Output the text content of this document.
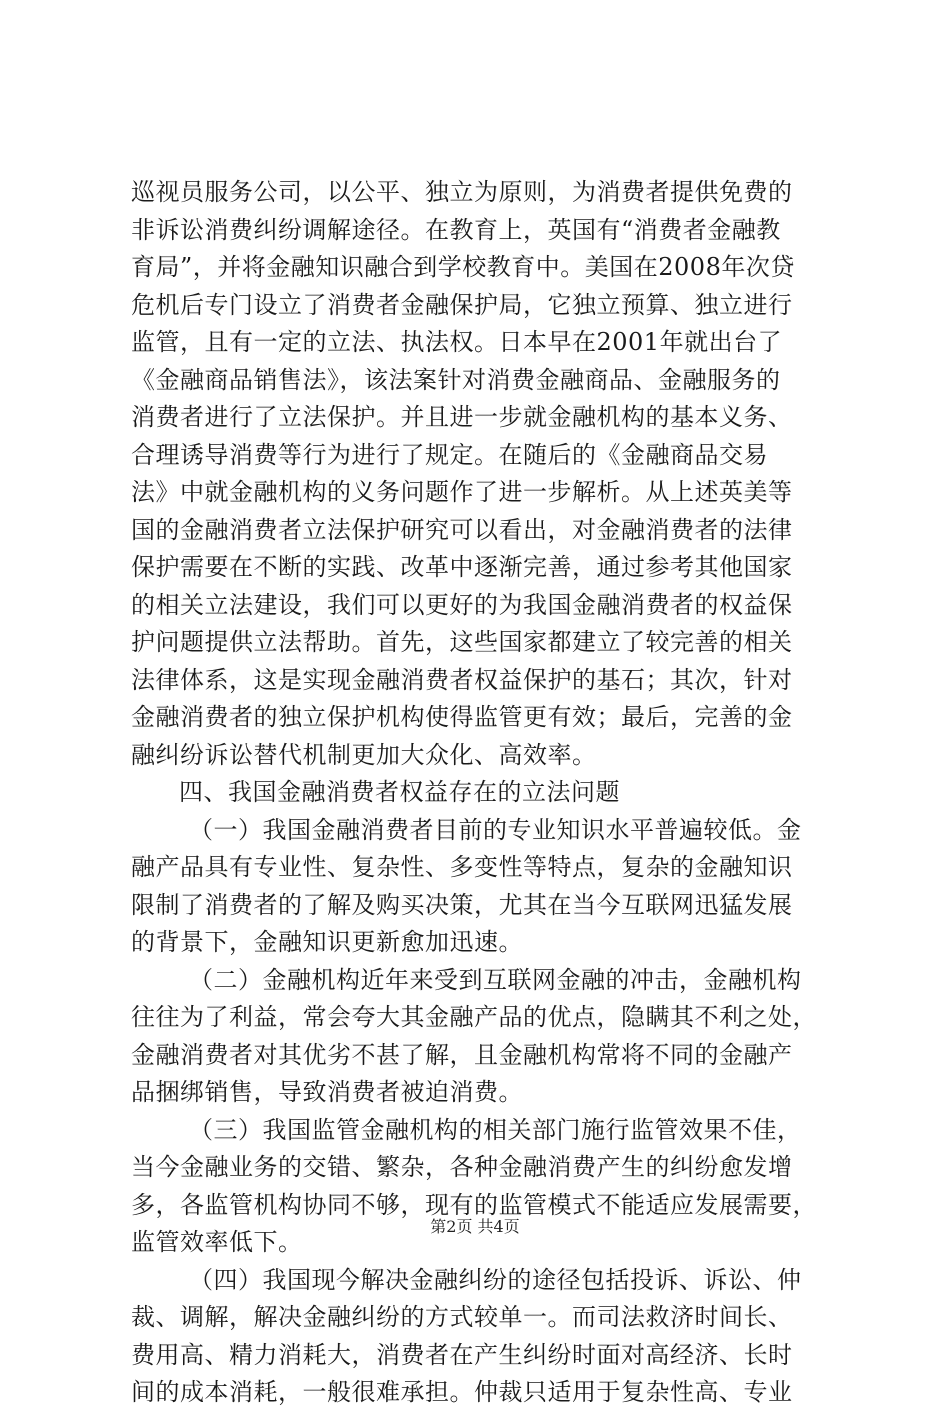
巡视员服务公司，以公平、独立为原则，为消费者提供免费的
非诉讼消费纠纷调解途径。在教育上，英国有“消费者金融教
育局”，并将金融知识融合到学校教育中。美国在2008年次贷
危机后专门设立了消费者金融保护局，它独立预算、独立进行
监管，且有一定的立法、执法权。日本早在2001年就出台了
《金融商品销售法》，该法案针对消费金融商品、金融服务的
消费者进行了立法保护。并且进一步就金融机构的基本义务、
合理诱导消费等行为进行了规定。在随后的《金融商品交易
法》中就金融机构的义务问题作了进一步解析。从上述英美等
国的金融消费者立法保护研究可以看出，对金融消费者的法律
保护需要在不断的实践、改革中逐渐完善，通过参考其他国家
的相关立法建设，我们可以更好的为我国金融消费者的权益保
护问题提供立法帮助。首先，这些国家都建立了较完善的相关
法律体系，这是实现金融消费者权益保护的基石；其次，针对
金融消费者的独立保护机构使得监管更有效；最后，完善的金
融纠纷诉讼替代机制更加大众化、高效率。
四、我国金融消费者权益存在的立法问题
（一）我国金融消费者目前的专业知识水平普遍较低。金
融产品具有专业性、复杂性、多变性等特点，复杂的金融知识
限制了消费者的了解及购买决策，尤其在当今互联网迅猛发展
的背景下，金融知识更新愈加迅速。
（二）金融机构近年来受到互联网金融的冲击，金融机构
往往为了利益，常会夸大其金融产品的优点，隐瞒其不利之处，
金融消费者对其优劣不甚了解，且金融机构常将不同的金融产
品捆绑销售，导致消费者被迫消费。
（三）我国监管金融机构的相关部门施行监管效果不佳，
当今金融业务的交错、繁杂，各种金融消费产生的纠纷愈发增
多，各监管机构协同不够，现有的监管模式不能适应发展需要，
监管效率低下。
（四）我国现今解决金融纠纷的途径包括投诉、诉讼、仲
裁、调解，解决金融纠纷的方式较单一。而司法救济时间长、
费用高、精力消耗大，消费者在产生纠纷时面对高经济、长时
间的成本消耗，一般很难承担。仲裁只适用于复杂性高、专业
第2页 共4页
